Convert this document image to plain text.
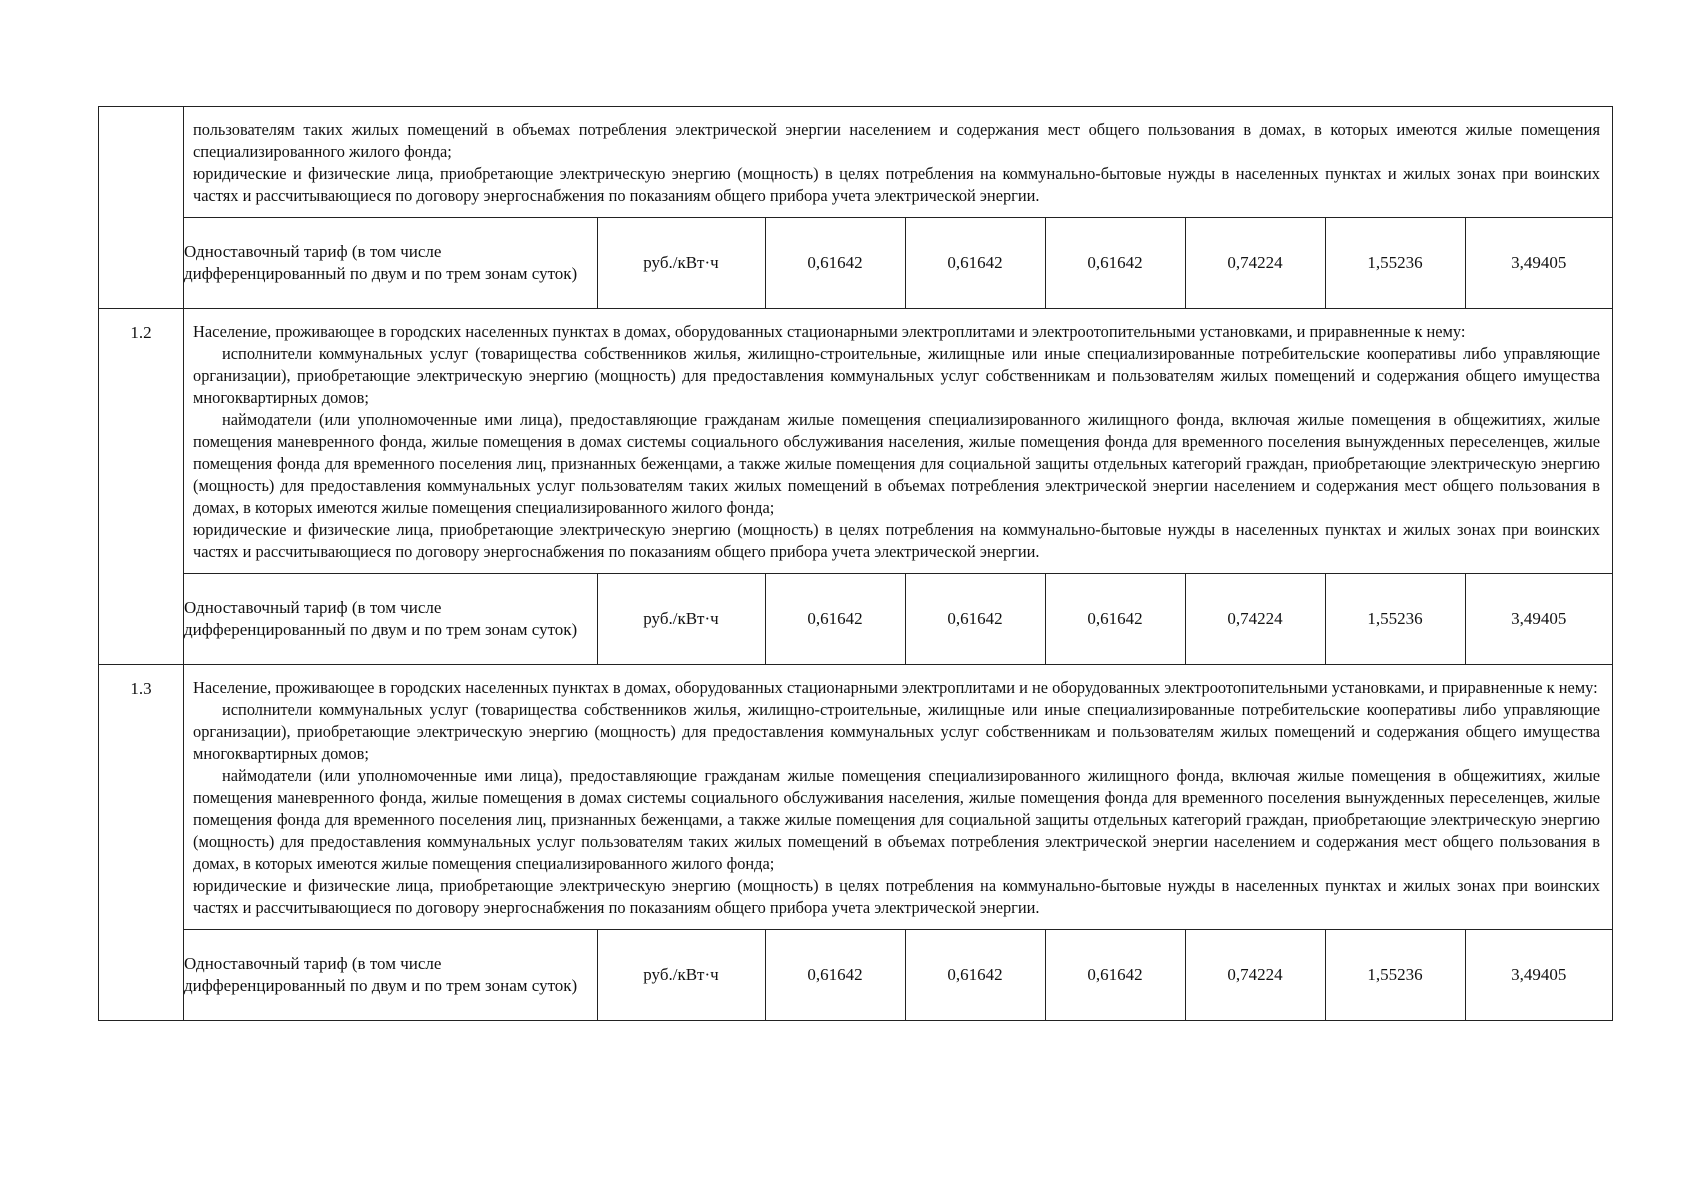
пользователям таких жилых помещений в объемах потребления электрической энергии населением и содержания мест общего пользования в домах, в которых имеются жилые помещения специализированного жилого фонда;

юридические и физические лица, приобретающие электрическую энергию (мощность) в целях потребления на коммунально-бытовые нужды в населенных пунктах и жилых зонах при воинских частях и рассчитывающиеся по договору энергоснабжения по показаниям общего прибора учета электрической энергии.

Одноставочный тариф (в том числе дифференцированный по двум и по трем зонам суток)	руб./кВт·ч	0,61642	0,61642	0,61642	0,74224	1,55236	3,49405

1.2	Население, проживающее в городских населенных пунктах в домах, оборудованных стационарными электроплитами и электроотопительными установками, и приравненные к нему:

исполнители коммунальных услуг (товарищества собственников жилья, жилищно-строительные, жилищные или иные специализированные потребительские кооперативы либо управляющие организации), приобретающие электрическую энергию (мощность) для предоставления коммунальных услуг собственникам и пользователям жилых помещений и содержания общего имущества многоквартирных домов;

наймодатели (или уполномоченные ими лица), предоставляющие гражданам жилые помещения специализированного жилищного фонда, включая жилые помещения в общежитиях, жилые помещения маневренного фонда, жилые помещения в домах системы социального обслуживания населения, жилые помещения фонда для временного поселения вынужденных переселенцев, жилые помещения фонда для временного поселения лиц, признанных беженцами, а также жилые помещения для социальной защиты отдельных категорий граждан, приобретающие электрическую энергию (мощность) для предоставления коммунальных услуг пользователям таких жилых помещений в объемах потребления электрической энергии населением и содержания мест общего пользования в домах, в которых имеются жилые помещения специализированного жилого фонда;

юридические и физические лица, приобретающие электрическую энергию (мощность) в целях потребления на коммунально-бытовые нужды в населенных пунктах и жилых зонах при воинских частях и рассчитывающиеся по договору энергоснабжения по показаниям общего прибора учета электрической энергии.

Одноставочный тариф (в том числе дифференцированный по двум и по трем зонам суток)	руб./кВт·ч	0,61642	0,61642	0,61642	0,74224	1,55236	3,49405

1.3	Население, проживающее в городских населенных пунктах в домах, оборудованных стационарными электроплитами и не оборудованных электроотопительными установками, и приравненные к нему:

исполнители коммунальных услуг (товарищества собственников жилья, жилищно-строительные, жилищные или иные специализированные потребительские кооперативы либо управляющие организации), приобретающие электрическую энергию (мощность) для предоставления коммунальных услуг собственникам и пользователям жилых помещений и содержания общего имущества многоквартирных домов;

наймодатели (или уполномоченные ими лица), предоставляющие гражданам жилые помещения специализированного жилищного фонда, включая жилые помещения в общежитиях, жилые помещения маневренного фонда, жилые помещения в домах системы социального обслуживания населения, жилые помещения фонда для временного поселения вынужденных переселенцев, жилые помещения фонда для временного поселения лиц, признанных беженцами, а также жилые помещения для социальной защиты отдельных категорий граждан, приобретающие электрическую энергию (мощность) для предоставления коммунальных услуг пользователям таких жилых помещений в объемах потребления электрической энергии населением и содержания мест общего пользования в домах, в которых имеются жилые помещения специализированного жилого фонда;

юридические и физические лица, приобретающие электрическую энергию (мощность) в целях потребления на коммунально-бытовые нужды в населенных пунктах и жилых зонах при воинских частях и рассчитывающиеся по договору энергоснабжения по показаниям общего прибора учета электрической энергии.

Одноставочный тариф (в том числе дифференцированный по двум и по трем зонам суток)	руб./кВт·ч	0,61642	0,61642	0,61642	0,74224	1,55236	3,49405
